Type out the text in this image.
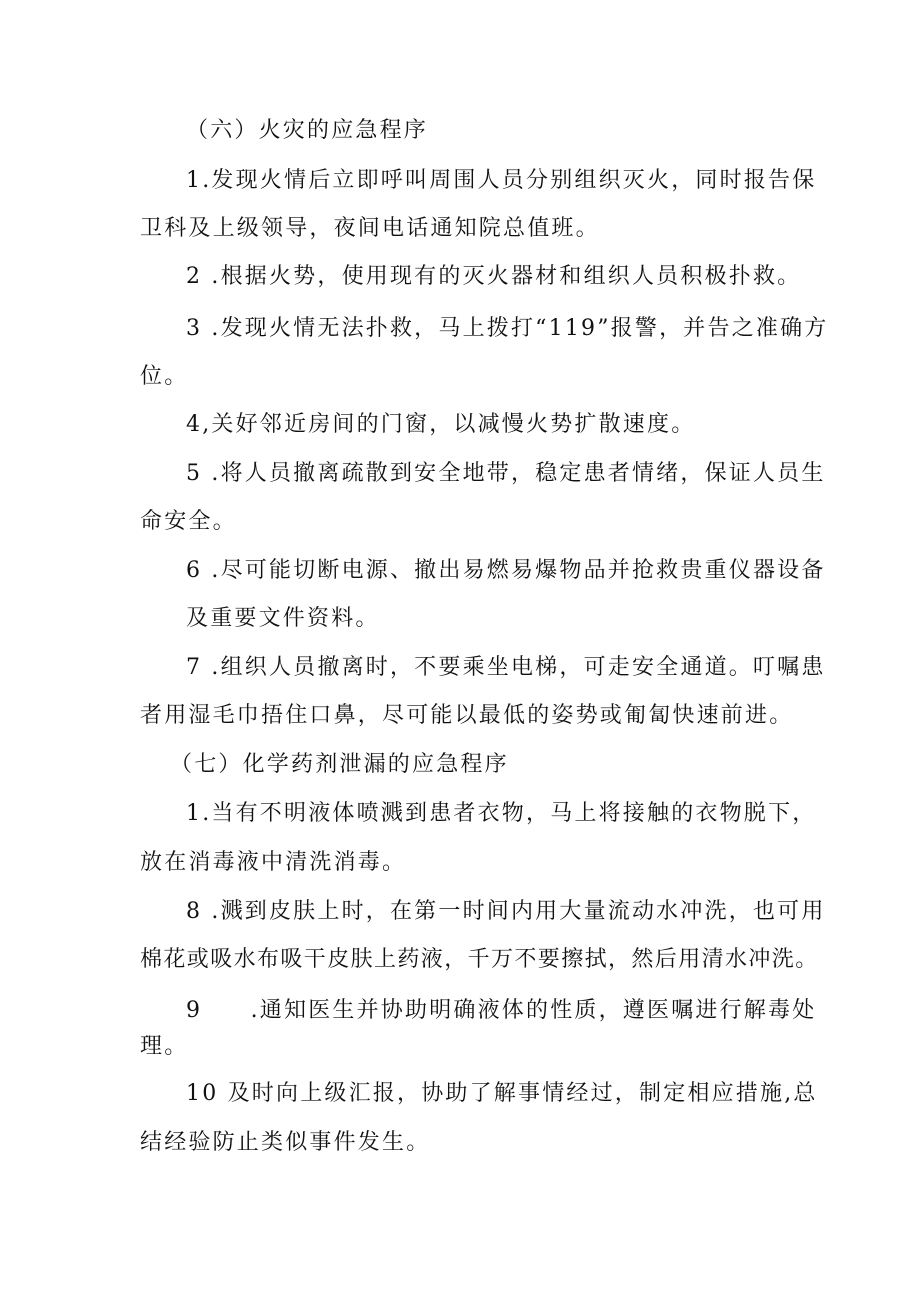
（六）火灾的应急程序

1.发现火情后立即呼叫周围人员分别组织灭火，同时报告保

卫科及上级领导，夜间电话通知院总值班。

2 .根据火势，使用现有的灭火器材和组织人员积极扑救。

3 .发现火情无法扑救，马上拨打“119”报警，并告之准确方

位。

4,关好邻近房间的门窗，以减慢火势扩散速度。

5 .将人员撤离疏散到安全地带，稳定患者情绪，保证人员生

命安全。

6 .尽可能切断电源、撤出易燃易爆物品并抢救贵重仪器设备

及重要文件资料。

7 .组织人员撤离时，不要乘坐电梯，可走安全通道。叮嘱患

者用湿毛巾捂住口鼻，尽可能以最低的姿势或匍匐快速前进。

（七）化学药剂泄漏的应急程序

1.当有不明液体喷溅到患者衣物，马上将接触的衣物脱下，

放在消毒液中清洗消毒。

8 .溅到皮肤上时，在第一时间内用大量流动水冲洗，也可用

棉花或吸水布吸干皮肤上药液，千万不要擦拭，然后用清水冲洗。

9　　.通知医生并协助明确液体的性质，遵医嘱进行解毒处

理。

10 及时向上级汇报，协助了解事情经过，制定相应措施,总

结经验防止类似事件发生。
